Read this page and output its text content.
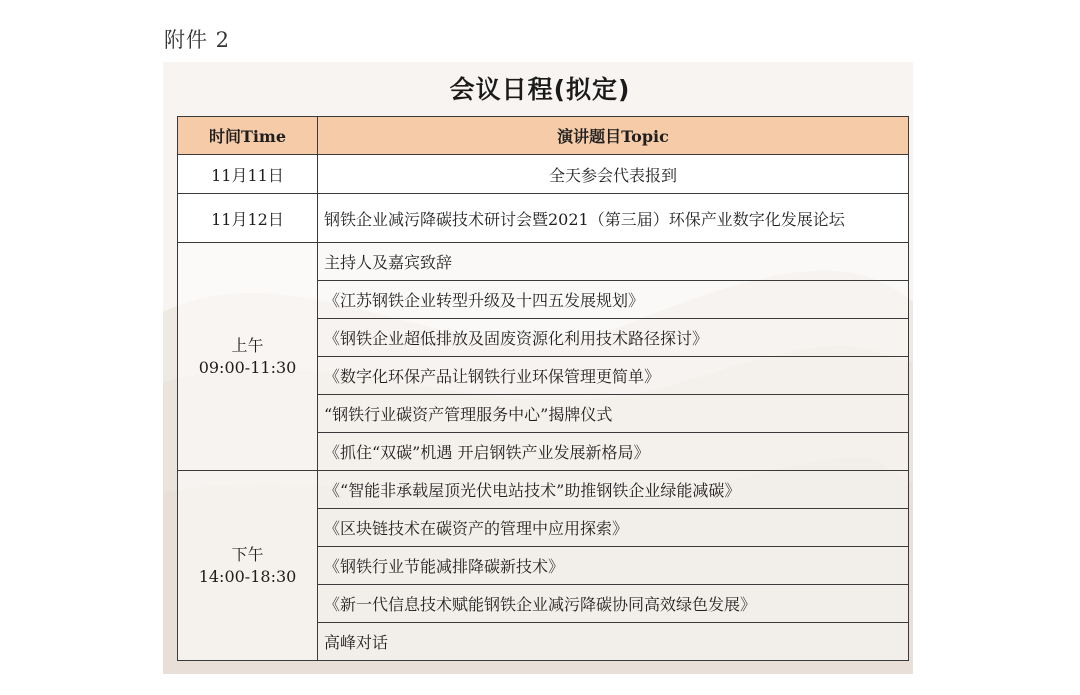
附件 2
会议日程(拟定)
时间Time	演讲题目Topic
11月11日	全天参会代表报到
11月12日	钢铁企业减污降碳技术研讨会暨2021（第三届）环保产业数字化发展论坛

上午
09:00-11:30	主持人及嘉宾致辞
	《江苏钢铁企业转型升级及十四五发展规划》
	《钢铁企业超低排放及固废资源化利用技术路径探讨》
	《数字化环保产品让钢铁行业环保管理更简单》
	“钢铁行业碳资产管理服务中心”揭牌仪式
	《抓住“双碳”机遇 开启钢铁产业发展新格局》

下午
14:00-18:30	《“智能非承载屋顶光伏电站技术”助推钢铁企业绿能减碳》
	《区块链技术在碳资产的管理中应用探索》
	《钢铁行业节能减排降碳新技术》
	《新一代信息技术赋能钢铁企业减污降碳协同高效绿色发展》
	高峰对话
